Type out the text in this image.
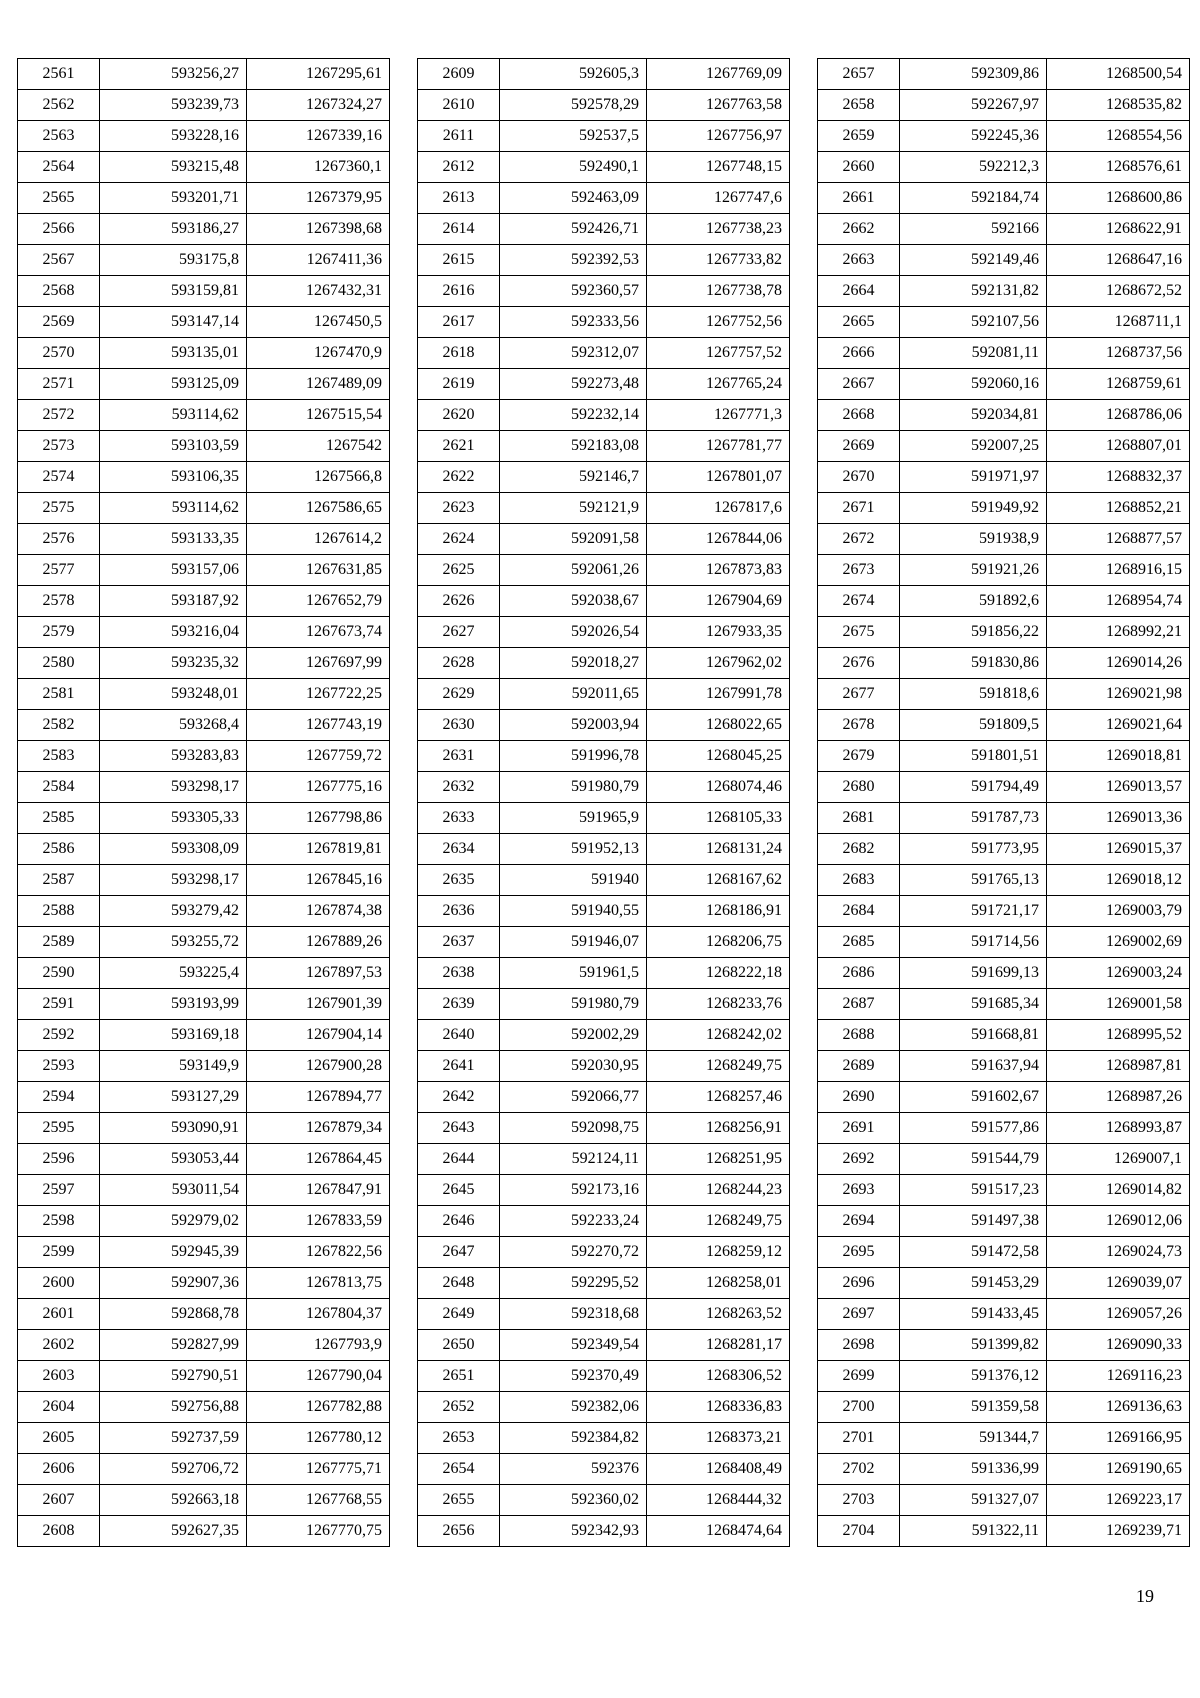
2561	593256,27	1267295,61
2562	593239,73	1267324,27
2563	593228,16	1267339,16
2564	593215,48	1267360,1
2565	593201,71	1267379,95
2566	593186,27	1267398,68
2567	593175,8	1267411,36
2568	593159,81	1267432,31
2569	593147,14	1267450,5
2570	593135,01	1267470,9
2571	593125,09	1267489,09
2572	593114,62	1267515,54
2573	593103,59	1267542
2574	593106,35	1267566,8
2575	593114,62	1267586,65
2576	593133,35	1267614,2
2577	593157,06	1267631,85
2578	593187,92	1267652,79
2579	593216,04	1267673,74
2580	593235,32	1267697,99
2581	593248,01	1267722,25
2582	593268,4	1267743,19
2583	593283,83	1267759,72
2584	593298,17	1267775,16
2585	593305,33	1267798,86
2586	593308,09	1267819,81
2587	593298,17	1267845,16
2588	593279,42	1267874,38
2589	593255,72	1267889,26
2590	593225,4	1267897,53
2591	593193,99	1267901,39
2592	593169,18	1267904,14
2593	593149,9	1267900,28
2594	593127,29	1267894,77
2595	593090,91	1267879,34
2596	593053,44	1267864,45
2597	593011,54	1267847,91
2598	592979,02	1267833,59
2599	592945,39	1267822,56
2600	592907,36	1267813,75
2601	592868,78	1267804,37
2602	592827,99	1267793,9
2603	592790,51	1267790,04
2604	592756,88	1267782,88
2605	592737,59	1267780,12
2606	592706,72	1267775,71
2607	592663,18	1267768,55
2608	592627,35	1267770,75
2609	592605,3	1267769,09
2610	592578,29	1267763,58
2611	592537,5	1267756,97
2612	592490,1	1267748,15
2613	592463,09	1267747,6
2614	592426,71	1267738,23
2615	592392,53	1267733,82
2616	592360,57	1267738,78
2617	592333,56	1267752,56
2618	592312,07	1267757,52
2619	592273,48	1267765,24
2620	592232,14	1267771,3
2621	592183,08	1267781,77
2622	592146,7	1267801,07
2623	592121,9	1267817,6
2624	592091,58	1267844,06
2625	592061,26	1267873,83
2626	592038,67	1267904,69
2627	592026,54	1267933,35
2628	592018,27	1267962,02
2629	592011,65	1267991,78
2630	592003,94	1268022,65
2631	591996,78	1268045,25
2632	591980,79	1268074,46
2633	591965,9	1268105,33
2634	591952,13	1268131,24
2635	591940	1268167,62
2636	591940,55	1268186,91
2637	591946,07	1268206,75
2638	591961,5	1268222,18
2639	591980,79	1268233,76
2640	592002,29	1268242,02
2641	592030,95	1268249,75
2642	592066,77	1268257,46
2643	592098,75	1268256,91
2644	592124,11	1268251,95
2645	592173,16	1268244,23
2646	592233,24	1268249,75
2647	592270,72	1268259,12
2648	592295,52	1268258,01
2649	592318,68	1268263,52
2650	592349,54	1268281,17
2651	592370,49	1268306,52
2652	592382,06	1268336,83
2653	592384,82	1268373,21
2654	592376	1268408,49
2655	592360,02	1268444,32
2656	592342,93	1268474,64
2657	592309,86	1268500,54
2658	592267,97	1268535,82
2659	592245,36	1268554,56
2660	592212,3	1268576,61
2661	592184,74	1268600,86
2662	592166	1268622,91
2663	592149,46	1268647,16
2664	592131,82	1268672,52
2665	592107,56	1268711,1
2666	592081,11	1268737,56
2667	592060,16	1268759,61
2668	592034,81	1268786,06
2669	592007,25	1268807,01
2670	591971,97	1268832,37
2671	591949,92	1268852,21
2672	591938,9	1268877,57
2673	591921,26	1268916,15
2674	591892,6	1268954,74
2675	591856,22	1268992,21
2676	591830,86	1269014,26
2677	591818,6	1269021,98
2678	591809,5	1269021,64
2679	591801,51	1269018,81
2680	591794,49	1269013,57
2681	591787,73	1269013,36
2682	591773,95	1269015,37
2683	591765,13	1269018,12
2684	591721,17	1269003,79
2685	591714,56	1269002,69
2686	591699,13	1269003,24
2687	591685,34	1269001,58
2688	591668,81	1268995,52
2689	591637,94	1268987,81
2690	591602,67	1268987,26
2691	591577,86	1268993,87
2692	591544,79	1269007,1
2693	591517,23	1269014,82
2694	591497,38	1269012,06
2695	591472,58	1269024,73
2696	591453,29	1269039,07
2697	591433,45	1269057,26
2698	591399,82	1269090,33
2699	591376,12	1269116,23
2700	591359,58	1269136,63
2701	591344,7	1269166,95
2702	591336,99	1269190,65
2703	591327,07	1269223,17
2704	591322,11	1269239,71
19
